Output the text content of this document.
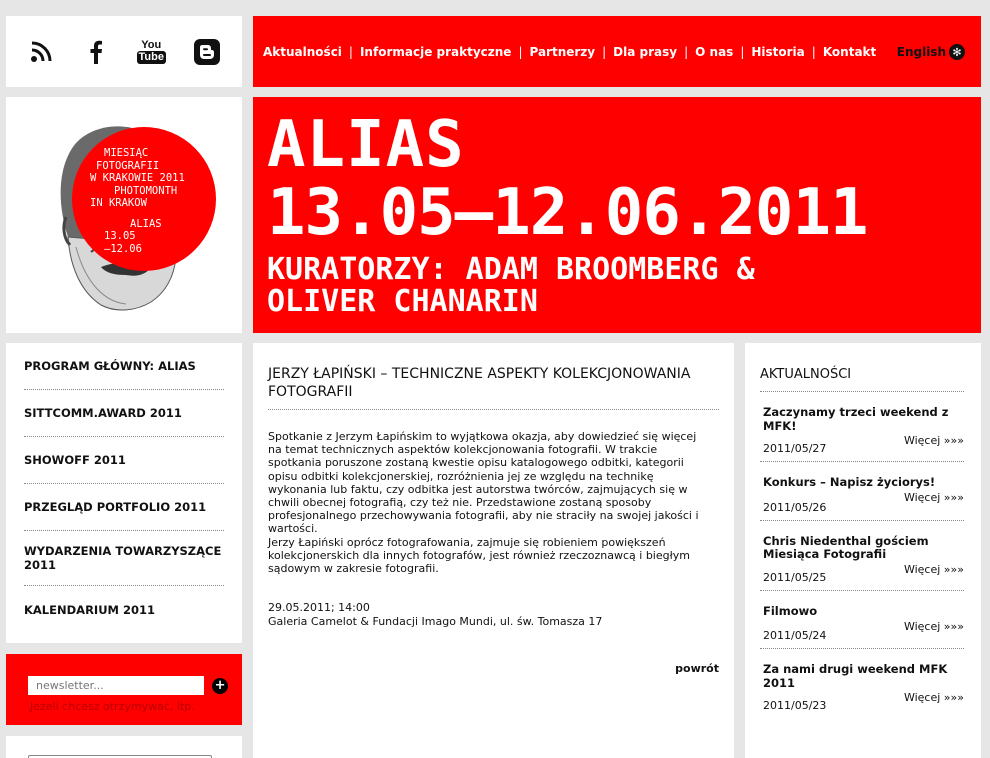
You
Tube	Aktualności | Informacje praktyczne | Partnerzy | Dla prasy | O nas | Historia | Kontakt English ✻
MIESIĄC
FOTOGRAFII
W KRAKOWIE 2011
PHOTOMONTH
IN KRAKOW
ALIAS
13.05
—12.06
ALIAS
13.05–12.06.2011
KURATORZY: ADAM BROOMBERG &
OLIVER CHANARIN
PROGRAM GŁÓWNY: ALIAS
SITTCOMM.AWARD 2011
SHOWOFF 2011
PRZEGLĄD PORTFOLIO 2011
WYDARZENIA TOWARZYSZĄCE 2011
KALENDARIUM 2011
newsletter...
+
Jeżeli chcesz otrzymywać, itp.
JERZY ŁAPIŃSKI – TECHNICZNE ASPEKTY KOLEKCJONOWANIA FOTOGRAFII
Spotkanie z Jerzym Łapińskim to wyjątkowa okazja, aby dowiedzieć się więcej
na temat technicznych aspektów kolekcjonowania fotografii. W trakcie
spotkania poruszone zostaną kwestie opisu katalogowego odbitki, kategorii
opisu odbitki kolekcjonerskiej, rozróżnienia jej ze względu na technikę
wykonania lub faktu, czy odbitka jest autorstwa twórców, zajmujących się w
chwili obecnej fotografią, czy też nie. Przedstawione zostaną sposoby
profesjonalnego przechowywania fotografii, aby nie straciły na swojej jakości i
wartości.
Jerzy Łapiński oprócz fotografowania, zajmuje się robieniem powiększeń
kolekcjonerskich dla innych fotografów, jest również rzeczoznawcą i biegłym
sądowym w zakresie fotografii.
29.05.2011; 14:00
Galeria Camelot & Fundacji Imago Mundi, ul. św. Tomasza 17
powrót
AKTUALNOŚCI
Zaczynamy trzeci weekend z MFK!
Więcej »»»
2011/05/27
Konkurs – Napisz życiorys!
Więcej »»»
2011/05/26
Chris Niedenthal gościem Miesiąca Fotografii
Więcej »»»
2011/05/25
Filmowo
Więcej »»»
2011/05/24
Za nami drugi weekend MFK 2011
Więcej »»»
2011/05/23
